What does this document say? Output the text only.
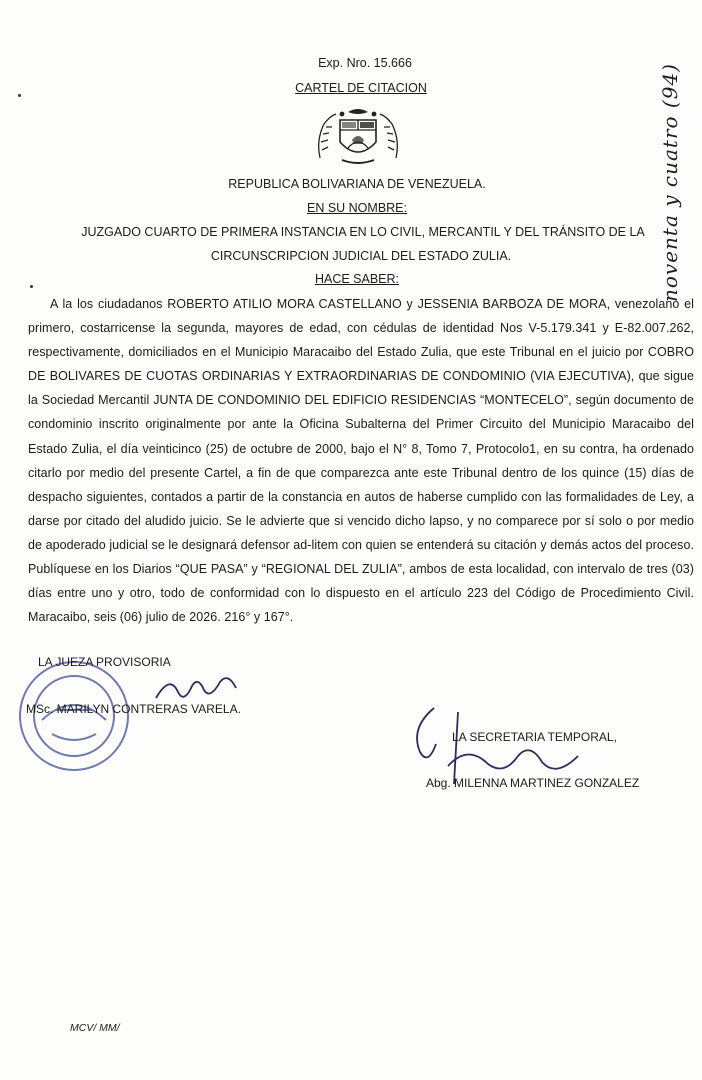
Exp. Nro. 15.666
CARTEL DE CITACION
REPUBLICA BOLIVARIANA DE VENEZUELA.
EN SU NOMBRE:
JUZGADO CUARTO DE PRIMERA INSTANCIA EN LO CIVIL, MERCANTIL Y DEL TRÁNSITO DE LA
CIRCUNSCRIPCION JUDICIAL DEL ESTADO ZULIA.
HACE SABER:

A la los ciudadanos ROBERTO ATILIO MORA CASTELLANO y JESSENIA BARBOZA DE MORA, venezolano el primero, costarricense la segunda, mayores de edad, con cédulas de identidad Nos V-5.179.341 y E-82.007.262, respectivamente, domiciliados en el Municipio Maracaibo del Estado Zulia, que este Tribunal en el juicio por COBRO DE BOLIVARES DE CUOTAS ORDINARIAS Y EXTRAORDINARIAS DE CONDOMINIO (VIA EJECUTIVA), que sigue la Sociedad Mercantil JUNTA DE CONDOMINIO DEL EDIFICIO RESIDENCIAS “MONTECELO”, según documento de condominio inscrito originalmente por ante la Oficina Subalterna del Primer Circuito del Municipio Maracaibo del Estado Zulia, el día veinticinco (25) de octubre de 2000, bajo el N° 8, Tomo 7, Protocolo1, en su contra, ha ordenado citarlo por medio del presente Cartel, a fin de que comparezca ante este Tribunal dentro de los quince (15) días de despacho siguientes, contados a partir de la constancia en autos de haberse cumplido con las formalidades de Ley, a darse por citado del aludido juicio. Se le advierte que si vencido dicho lapso, y no comparece por sí solo o por medio de apoderado judicial se le designará defensor ad-litem con quien se entenderá su citación y demás actos del proceso. Publíquese en los Diarios “QUE PASA” y “REGIONAL DEL ZULIA”, ambos de esta localidad, con intervalo de tres (03) días entre uno y otro, todo de conformidad con lo dispuesto en el artículo 223 del Código de Procedimiento Civil. Maracaibo, seis (06) julio de 2026. 216° y 167°.

LA JUEZA PROVISORIA
MSc. MARILYN CONTRERAS VARELA.
LA SECRETARIA TEMPORAL,
Abg. MILENNA MARTINEZ GONZALEZ
noventa y cuatro (94)
MCV/ MM/
